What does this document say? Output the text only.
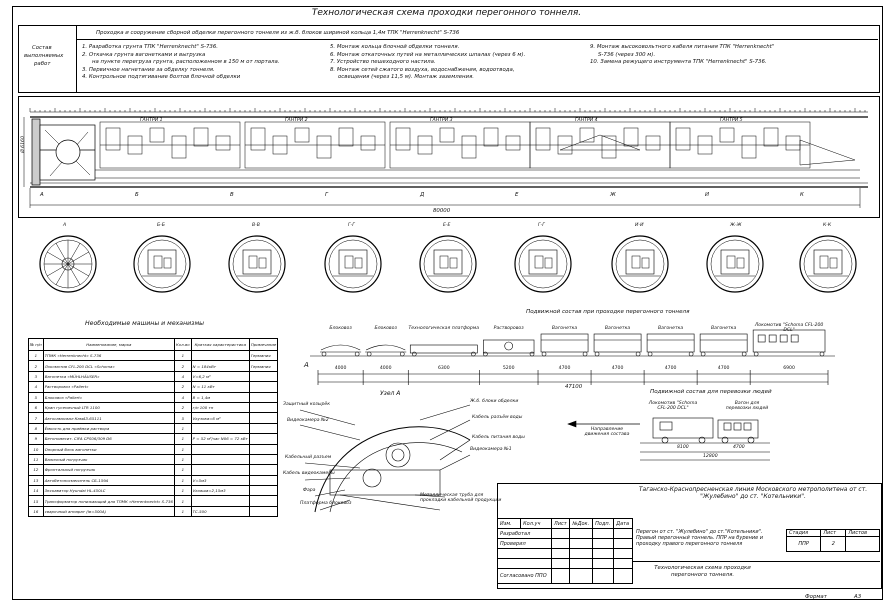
Технологическая схема проходки перегонного тоннеля.
Состав
выполняемых
работ
Проходка и сооружение сборной обделки перегонного тоннеля из ж.б. блоков шириной кольца 1,4м ТПК "Herrenknecht" S-736
1. Разработка грунта ТПК "Herrenknecht" S-736.
2. Откачка грунта вагонетками и выгрузка
на пункте перегруза грунта, расположенном в 150 м от портала.
3. Первичное нагнетание за обделку тоннеля.
4. Контрольное подтягивание болтов блочной обделки
5. Монтаж кольца блочной обделки тоннеля.
6. Монтаж откаточных путей на металлических шпалах (через 6 м).
7. Устройство пешеходного настила.
8. Монтаж сетей сжатого воздуха, водоснабжения, водоотвода,
освещения (через 11,5 м). Монтаж заземления.
9. Монтаж высоковольтного кабеля питания ТПК "Herrenknecht"
S-736 (через 300 м).
10. Замена режущего инструмента ТПК "Herrenknecht" S-736.
ГАНТРИ 1	ГАНТРИ 2	ГАНТРИ 3	ГАНТРИ 4	ГАНТРИ 5
А	Б	В	Г	Д	Е	Ж	И	К
Ø 6160
80000
А	Б-Б	В-В	Г-Г	Е-Е	Г-Г	И-И	Ж-Ж	К-К
Необходимые машины и механизмы
№ п/п	Наименование, марка	Кол-во	Краткая характеристика	Примечание
1	ТПМК «Herrenknecht» S-736	1		Германия
2	Локомотив CFL-200 DCL «Schoma»	2	N = 184кВт	Германия
3	Вагонетка «MÜHLHÄUSER»	4	V=6,2 м³	
4	Растворовоз «Pallert»	2	N = 11 кВт	
5	Блоковоз «Pallert»	4	В = 1,4м	
6	Кран гусеничный LTR 1100	2	г/п 100 тн	
7	Автосамосвал КамАЗ-65111	5	Vкузова=6 м³	
8	Ёмкость для приёмки раствора	1		
9	Бетономесит. CIFA CPS06/309 D6	1	Р = 52 м³/час N06 = 72 кВт	
10	Опорный блок вагонетки	1		
11	Валичный погрузчик	1		
12	Фронтальный погрузчик	1		
13	Автобетоносмеситель СБ-159А	1	V=5м3	
14	Экскаватор Hyundai HL-450LC	1	Vковша=2,15м3	
15	Трансформатор понижающий для ТПМК «Herrenknecht» S-736	1		
16	сварочный аппарат (Iв=500А)	1	ТС-500	
Подвижной состав при проходке перегонного тоннеля
Блоковоз	Блоковоз	Технологическая платформа	Растворовоз	Вагонетка	Вагонетка	Вагонетка	Вагонетка
Локомотив "Schoma CFL-200 DCL"
4000	4000	6300	5200	4700	4700	4700	4700	6900
47100
А
Подвижной состав для перевозки людей
Локомотив "Schoma CFL-200 DCL"
Вагон для перевозки людей
Направление движения состава
8100	4700
12800
Узел А
Защитный козырёк
Ж.б. блоки обделки
Видеокамера №2
Кабель разъём воды
Кабель питания воды
Кабельный разъем
Кабель видеокамеры
Видеокамера №1
Фара
Платформа блоковоз
Металлическая труба для прокладки кабельной продукции
Таганско-Краснопресненская линия Московского метрополитена от ст. "Жулебино" до ст. "Котельники".
Изм.	Кол.уч	Лист	№Док.	Подп.	Дата
Разработал					
Проверил					

Согласовано ППО					
Перегон от ст. "Жулебино" до ст."Котельники". Правый перегонный тоннель. ППР на бурение и проходку правого перегонного тоннеля
Стадия	Лист	Листов
ППР	2	
Технологическая схема проходки перегонного тоннеля.
Формат	А3
